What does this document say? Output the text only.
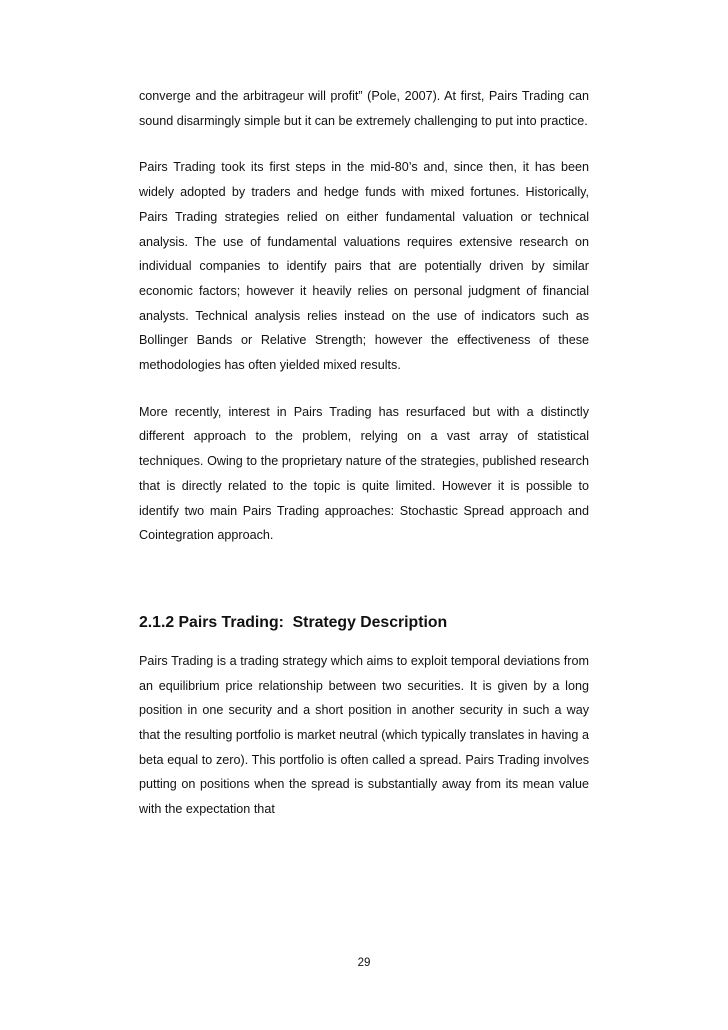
converge and the arbitrageur will profit” (Pole, 2007). At first, Pairs Trading can sound disarmingly simple but it can be extremely challenging to put into practice.

Pairs Trading took its first steps in the mid-80’s and, since then, it has been widely adopted by traders and hedge funds with mixed fortunes. Historically, Pairs Trading strategies relied on either fundamental valuation or technical analysis. The use of fundamental valuations requires extensive research on individual companies to identify pairs that are potentially driven by similar economic factors; however it heavily relies on personal judgment of financial analysts. Technical analysis relies instead on the use of indicators such as Bollinger Bands or Relative Strength; however the effectiveness of these methodologies has often yielded mixed results.

More recently, interest in Pairs Trading has resurfaced but with a distinctly different approach to the problem, relying on a vast array of statistical techniques. Owing to the proprietary nature of the strategies, published research that is directly related to the topic is quite limited. However it is possible to identify two main Pairs Trading approaches: Stochastic Spread approach and Cointegration approach.

2.1.2 Pairs Trading:  Strategy Description

Pairs Trading is a trading strategy which aims to exploit temporal deviations from an equilibrium price relationship between two securities. It is given by a long position in one security and a short position in another security in such a way that the resulting portfolio is market neutral (which typically translates in having a beta equal to zero). This portfolio is often called a spread. Pairs Trading involves putting on positions when the spread is substantially away from its mean value with the expectation that

29
